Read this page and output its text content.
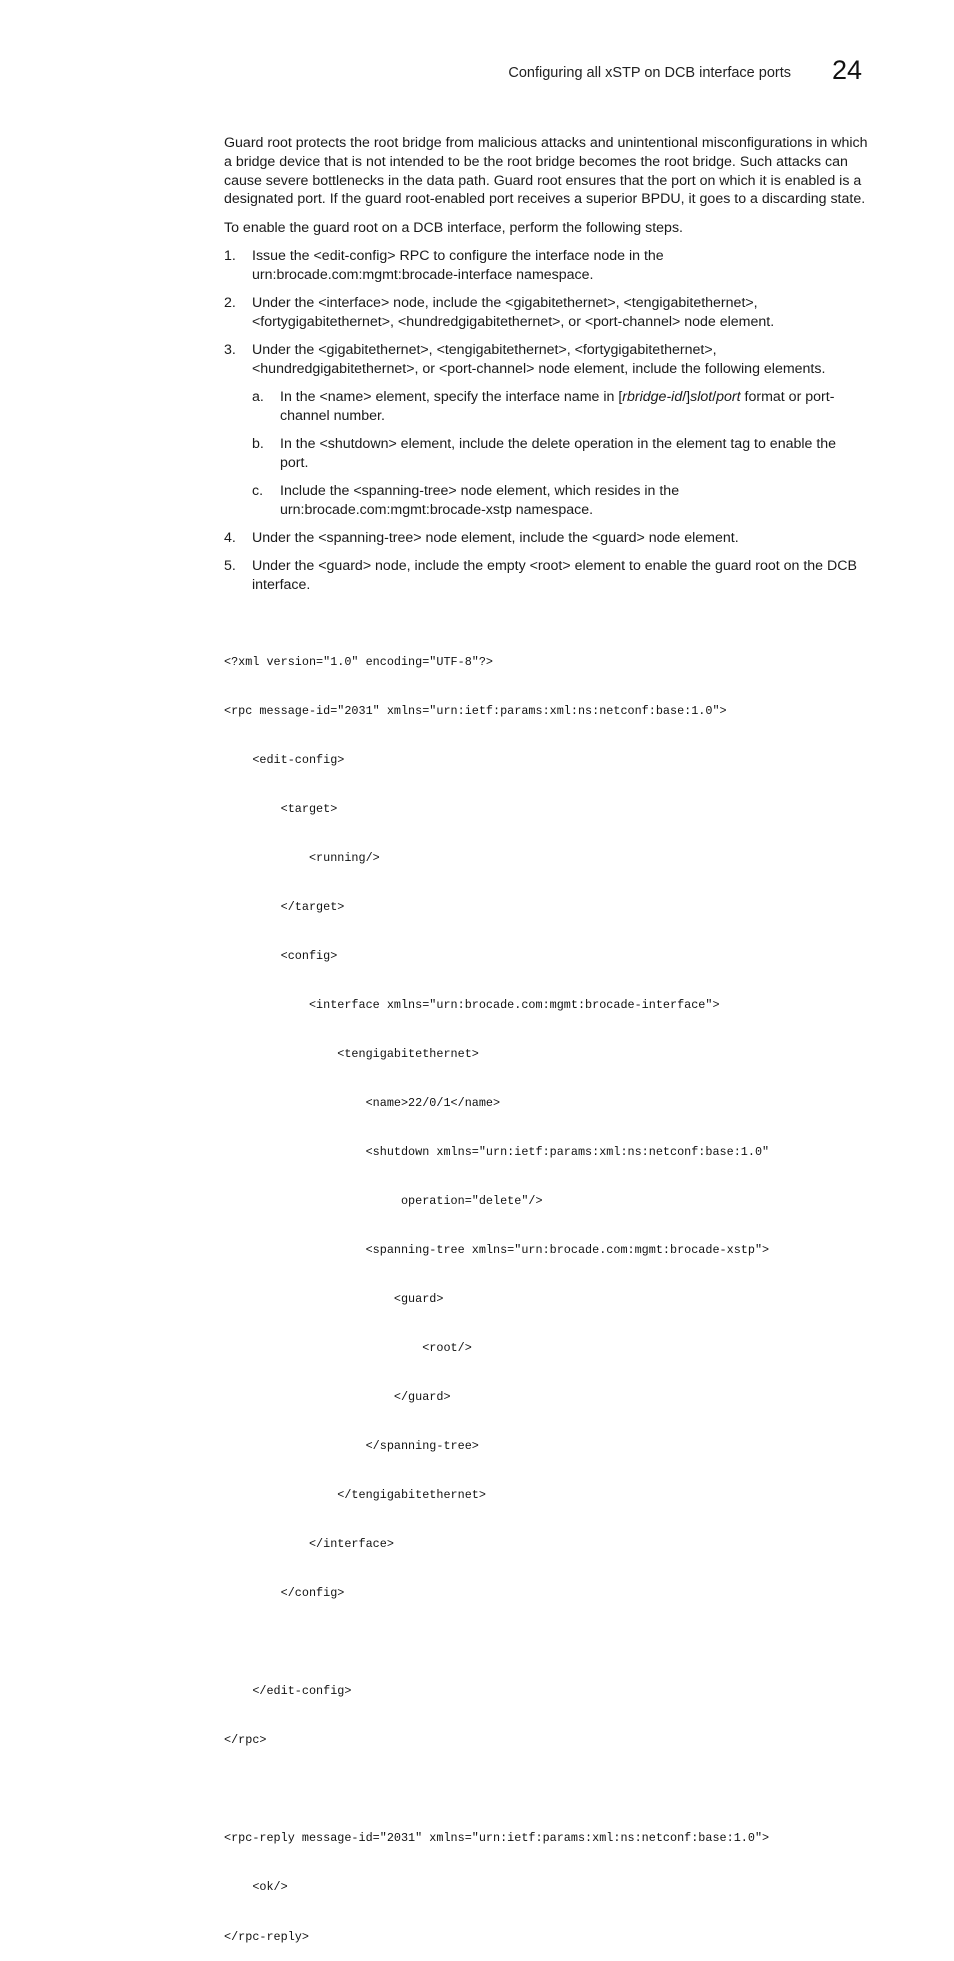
Configuring all xSTP on DCB interface ports 24

Guard root protects the root bridge from malicious attacks and unintentional misconfigurations in which a bridge device that is not intended to be the root bridge becomes the root bridge. Such attacks can cause severe bottlenecks in the data path. Guard root ensures that the port on which it is enabled is a designated port. If the guard root-enabled port receives a superior BPDU, it goes to a discarding state.

To enable the guard root on a DCB interface, perform the following steps.

1. Issue the <edit-config> RPC to configure the interface node in the urn:brocade.com:mgmt:brocade-interface namespace.
2. Under the <interface> node, include the <gigabitethernet>, <tengigabitethernet>, <fortygigabitethernet>, <hundredgigabitethernet>, or <port-channel> node element.
3. Under the <gigabitethernet>, <tengigabitethernet>, <fortygigabitethernet>, <hundredgigabitethernet>, or <port-channel> node element, include the following elements.
a. In the <name> element, specify the interface name in [rbridge-id/]slot/port format or port-channel number.
b. In the <shutdown> element, include the delete operation in the element tag to enable the port.
c. Include the <spanning-tree> node element, which resides in the urn:brocade.com:mgmt:brocade-xstp namespace.
4. Under the <spanning-tree> node element, include the <guard> node element.
5. Under the <guard> node, include the empty <root> element to enable the guard root on the DCB interface.

<?xml version="1.0" encoding="UTF-8"?>

<rpc message-id="2031" xmlns="urn:ietf:params:xml:ns:netconf:base:1.0">

<edit-config>

<target>

<running/>

</target>

<config>

<interface xmlns="urn:brocade.com:mgmt:brocade-interface">

<tengigabitethernet>

<name>22/0/1</name>

<shutdown xmlns="urn:ietf:params:xml:ns:netconf:base:1.0"

operation="delete"/>

<spanning-tree xmlns="urn:brocade.com:mgmt:brocade-xstp">

<guard>

<root/>

</guard>

</spanning-tree>

</tengigabitethernet>

</interface>

</config>

</edit-config>

</rpc>

<rpc-reply message-id="2031" xmlns="urn:ietf:params:xml:ns:netconf:base:1.0">

<ok/>

</rpc-reply>
